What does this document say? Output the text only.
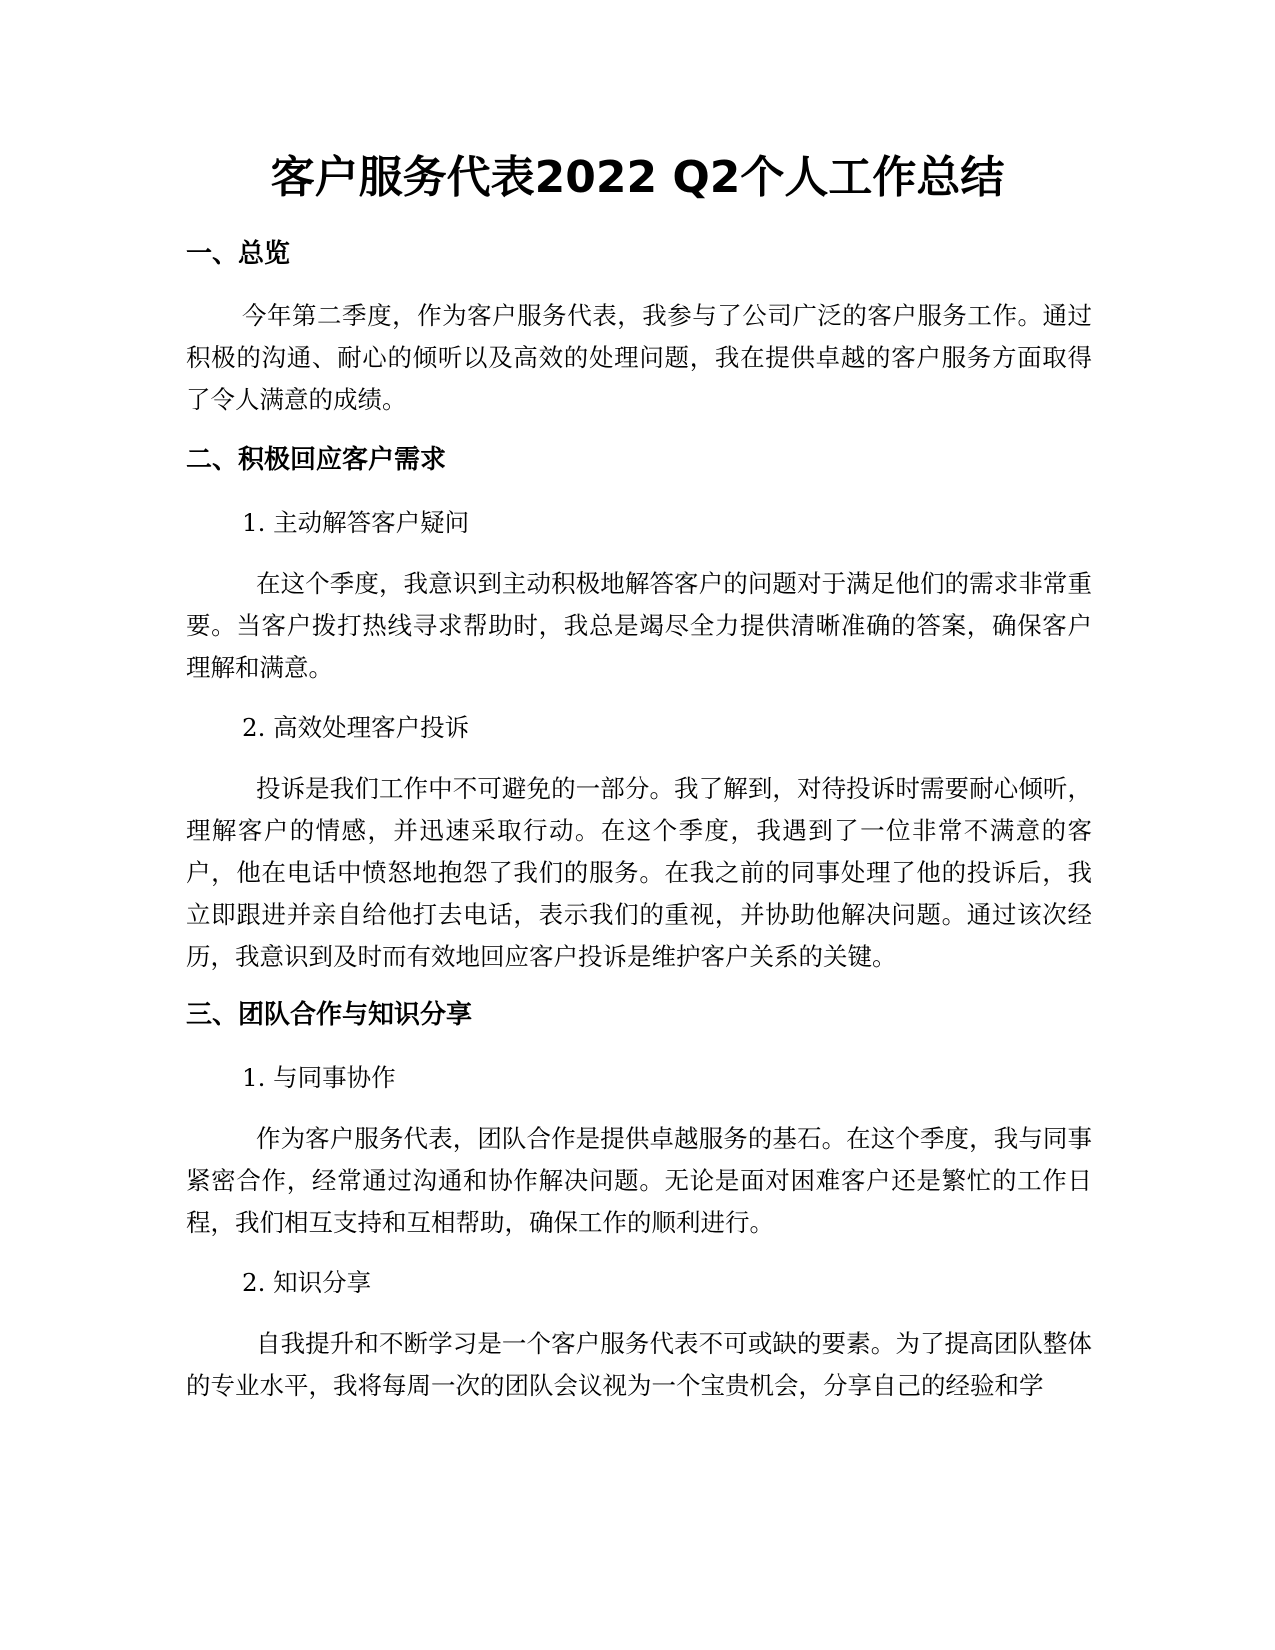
客户服务代表2022 Q2个人工作总结
一、总览

今年第二季度，作为客户服务代表，我参与了公司广泛的客户服务工作。通过积极的沟通、耐心的倾听以及高效的处理问题，我在提供卓越的客户服务方面取得了令人满意的成绩。

二、积极回应客户需求

1. 主动解答客户疑问

在这个季度，我意识到主动积极地解答客户的问题对于满足他们的需求非常重要。当客户拨打热线寻求帮助时，我总是竭尽全力提供清晰准确的答案，确保客户理解和满意。

2. 高效处理客户投诉

投诉是我们工作中不可避免的一部分。我了解到，对待投诉时需要耐心倾听，理解客户的情感，并迅速采取行动。在这个季度，我遇到了一位非常不满意的客户，他在电话中愤怒地抱怨了我们的服务。在我之前的同事处理了他的投诉后，我立即跟进并亲自给他打去电话，表示我们的重视，并协助他解决问题。通过该次经历，我意识到及时而有效地回应客户投诉是维护客户关系的关键。

三、团队合作与知识分享

1. 与同事协作

作为客户服务代表，团队合作是提供卓越服务的基石。在这个季度，我与同事紧密合作，经常通过沟通和协作解决问题。无论是面对困难客户还是繁忙的工作日程，我们相互支持和互相帮助，确保工作的顺利进行。

2. 知识分享

自我提升和不断学习是一个客户服务代表不可或缺的要素。为了提高团队整体的专业水平，我将每周一次的团队会议视为一个宝贵机会，分享自己的经验和学
